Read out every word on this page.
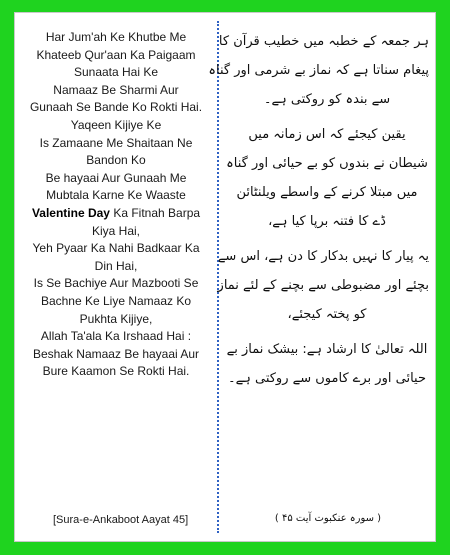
Har Jum'ah Ke Khutbe Me
Khateeb Qur'aan Ka Paigaam
Sunaata Hai Ke
Namaaz Be Sharmi Aur
Gunaah Se Bande Ko Rokti Hai.
Yaqeen Kijiye Ke
Is Zamaane Me Shaitaan Ne
Bandon Ko
Be hayaai Aur Gunaah Me
Mubtala Karne Ke Waaste
Valentine Day Ka Fitnah Barpa
Kiya Hai,
Yeh Pyaar Ka Nahi Badkaar Ka
Din Hai,
Is Se Bachiye Aur Mazbooti Se
Bachne Ke Liye Namaaz Ko
Pukhta Kijiye,
Allah Ta'ala Ka Irshaad Hai :
Beshak Namaaz Be hayaai Aur
Bure Kaamon Se Rokti Hai.
[Sura-e-Ankaboot Aayat 45]
ہر جمعہ کے خطبہ میں خطیب قرآن کا
پیغام سناتا ہے کہ نماز بے شرمی اور گناہ
سے بندہ کو روکتی ہے۔
یقین کیجئے کہ اس زمانہ میں
شیطان نے بندوں کو بے حیائی اور گناہ
میں مبتلا کرنے کے واسطے ویلنٹائن
ڈے کا فتنہ برپا کیا ہے،
یہ پیار کا نہیں بدکار کا دن ہے، اس سے
بچئے اور مضبوطی سے بچنے کے لئے نماز
کو پختہ کیجئے،
اللہ تعالیٰ کا ارشاد ہے: بیشک نماز بے
حیائی اور برے کاموں سے روکتی ہے۔
( سورہ عنکبوت آیت ۴۵ )
